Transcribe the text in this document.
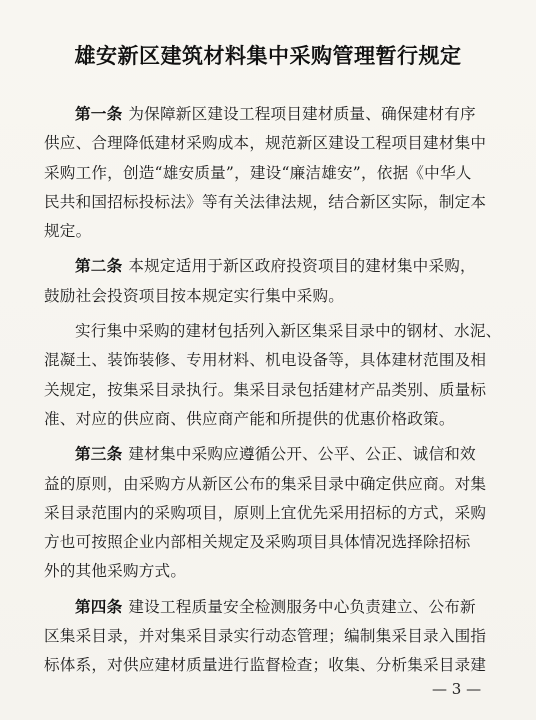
雄安新区建筑材料集中采购管理暂行规定
第一条 为保障新区建设工程项目建材质量、确保建材有序
供应、合理降低建材采购成本，规范新区建设工程项目建材集中
采购工作，创造“雄安质量”，建设“廉洁雄安”，依据《中华人
民共和国招标投标法》等有关法律法规，结合新区实际，制定本
规定。
第二条 本规定适用于新区政府投资项目的建材集中采购，
鼓励社会投资项目按本规定实行集中采购。
实行集中采购的建材包括列入新区集采目录中的钢材、水泥、
混凝土、装饰装修、专用材料、机电设备等，具体建材范围及相
关规定，按集采目录执行。集采目录包括建材产品类别、质量标
准、对应的供应商、供应商产能和所提供的优惠价格政策。
第三条 建材集中采购应遵循公开、公平、公正、诚信和效
益的原则，由采购方从新区公布的集采目录中确定供应商。对集
采目录范围内的采购项目，原则上宜优先采用招标的方式，采购
方也可按照企业内部相关规定及采购项目具体情况选择除招标
外的其他采购方式。
第四条 建设工程质量安全检测服务中心负责建立、公布新
区集采目录，并对集采目录实行动态管理；编制集采目录入围指
标体系，对供应建材质量进行监督检查；收集、分析集采目录建
— 3 —
